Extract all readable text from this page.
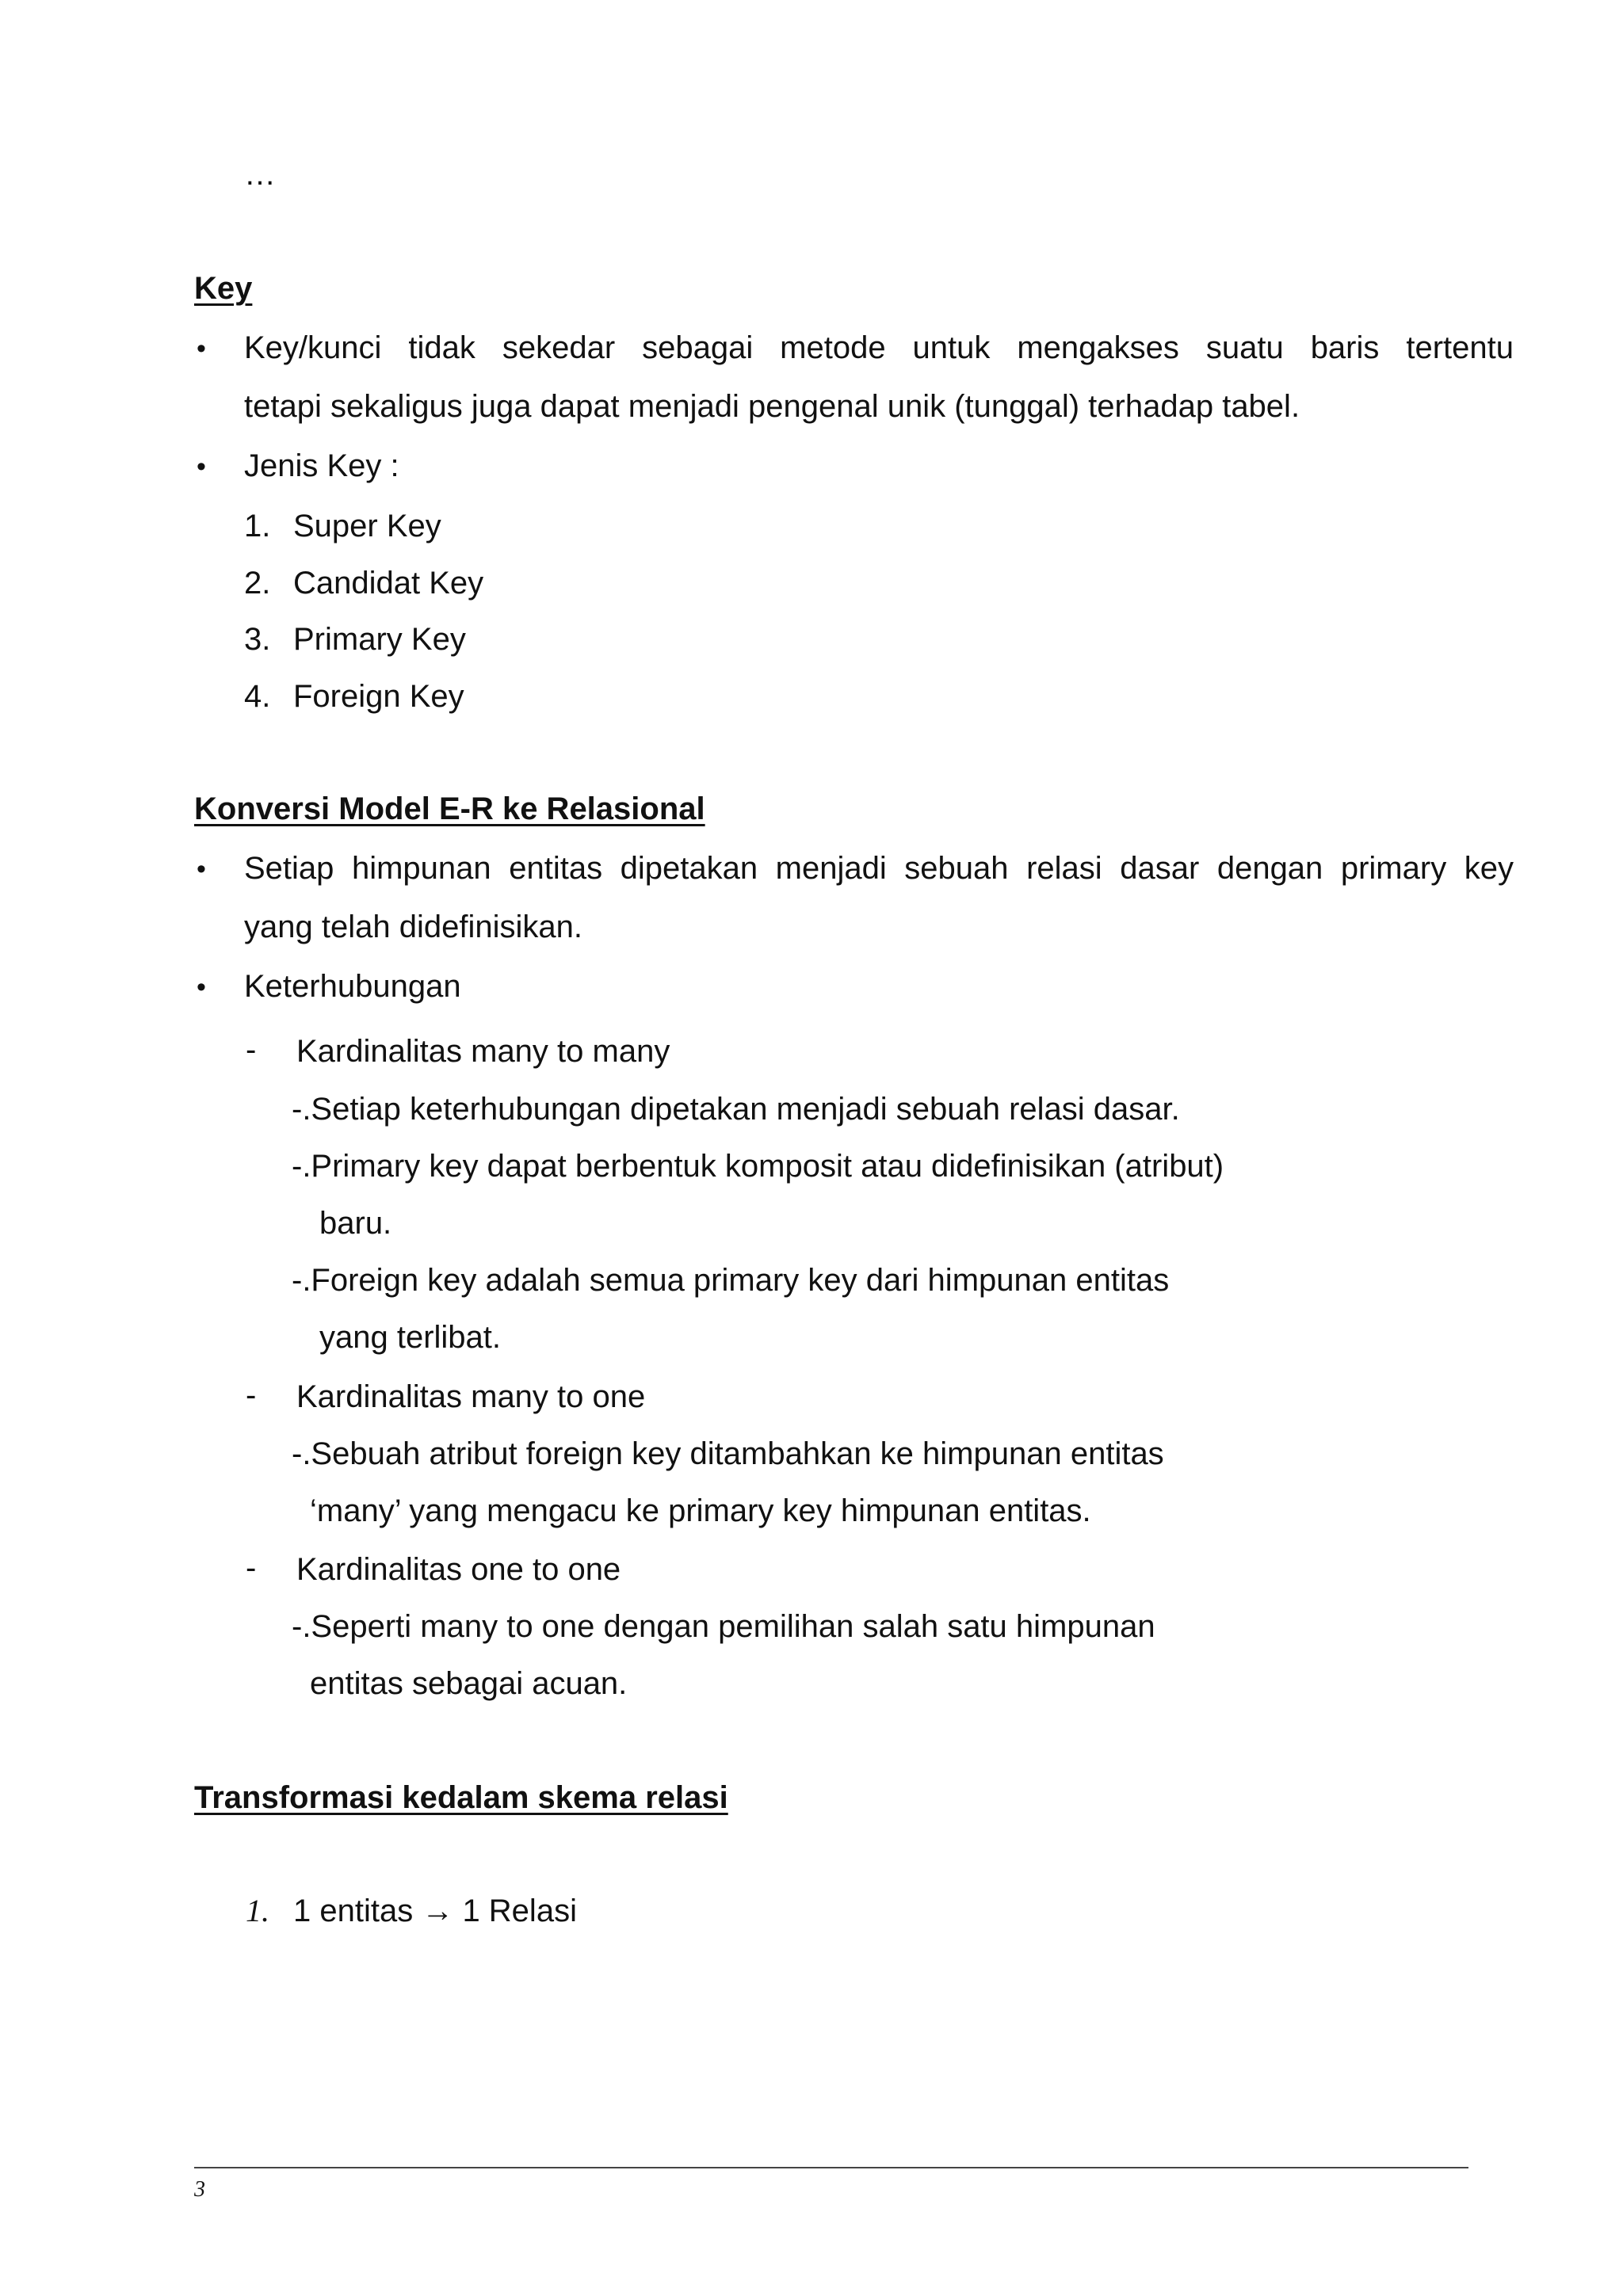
…
Key
• Key/kunci tidak sekedar sebagai metode untuk mengakses suatu baris tertentu
tetapi sekaligus juga dapat menjadi pengenal unik (tunggal) terhadap tabel.
• Jenis Key :
1. Super Key
2. Candidat Key
3. Primary Key
4. Foreign Key
Konversi Model E-R ke Relasional
• Setiap himpunan entitas dipetakan menjadi sebuah relasi dasar dengan primary key
yang telah didefinisikan.
• Keterhubungan
- Kardinalitas many to many
-.Setiap keterhubungan dipetakan menjadi sebuah relasi dasar.
-.Primary key dapat berbentuk komposit atau didefinisikan (atribut)
baru.
-.Foreign key adalah semua primary key dari himpunan entitas
yang terlibat.
- Kardinalitas many to one
-.Sebuah atribut foreign key ditambahkan ke himpunan entitas
‘many’ yang mengacu ke primary key himpunan entitas.
- Kardinalitas one to one
-.Seperti many to one dengan pemilihan salah satu himpunan
entitas sebagai acuan.
Transformasi kedalam skema relasi
1. 1 entitas → 1 Relasi
3
